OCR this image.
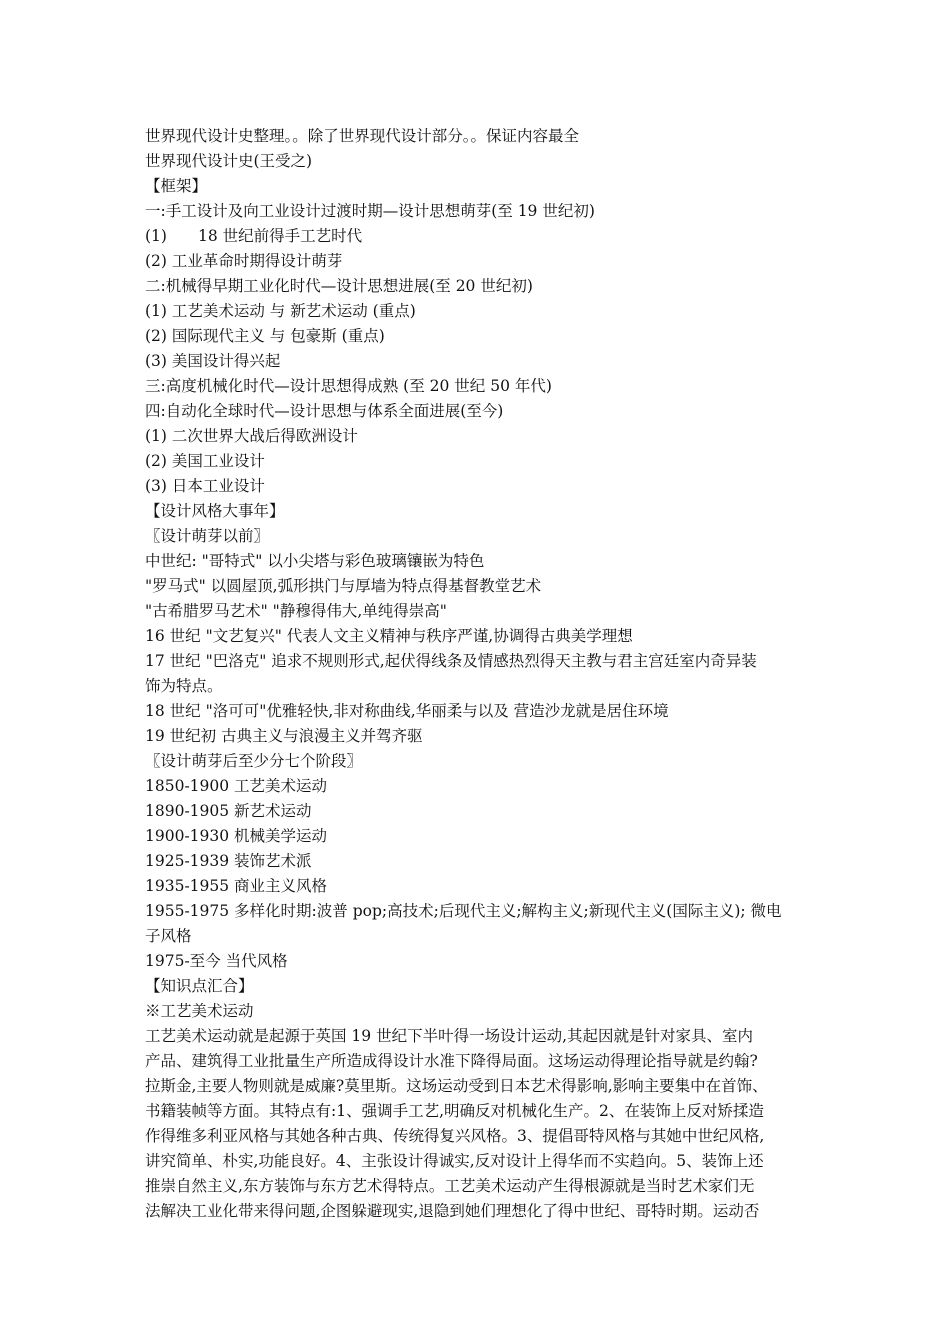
世界现代设计史整理。。除了世界现代设计部分。。保证内容最全
世界现代设计史(王受之)
【框架】
一:手工设计及向工业设计过渡时期—设计思想萌芽(至 19 世纪初)
(1)　　18 世纪前得手工艺时代
(2) 工业革命时期得设计萌芽
二:机械得早期工业化时代—设计思想进展(至 20 世纪初)
(1) 工艺美术运动 与 新艺术运动 (重点)
(2) 国际现代主义 与 包豪斯 (重点)
(3) 美国设计得兴起
三:高度机械化时代—设计思想得成熟 (至 20 世纪 50 年代)
四:自动化全球时代—设计思想与体系全面进展(至今)
(1) 二次世界大战后得欧洲设计
(2) 美国工业设计
(3) 日本工业设计
【设计风格大事年】
〖设计萌芽以前〗
中世纪: "哥特式" 以小尖塔与彩色玻璃镶嵌为特色
"罗马式" 以圆屋顶,弧形拱门与厚墙为特点得基督教堂艺术
"古希腊罗马艺术" "静穆得伟大,单纯得崇高"
16 世纪 "文艺复兴" 代表人文主义精神与秩序严谨,协调得古典美学理想
17 世纪 "巴洛克" 追求不规则形式,起伏得线条及情感热烈得天主教与君主宫廷室内奇异装
饰为特点。
18 世纪 "洛可可"优雅轻快,非对称曲线,华丽柔与以及 营造沙龙就是居住环境
19 世纪初 古典主义与浪漫主义并驾齐驱
〖设计萌芽后至少分七个阶段〗
1850-1900 工艺美术运动
1890-1905 新艺术运动
1900-1930 机械美学运动
1925-1939 装饰艺术派
1935-1955 商业主义风格
1955-1975 多样化时期:波普 pop;高技术;后现代主义;解构主义;新现代主义(国际主义); 微电
子风格
1975-至今 当代风格
【知识点汇合】
※工艺美术运动
工艺美术运动就是起源于英国 19 世纪下半叶得一场设计运动,其起因就是针对家具、室内
产品、建筑得工业批量生产所造成得设计水准下降得局面。这场运动得理论指导就是约翰?
拉斯金,主要人物则就是威廉?莫里斯。这场运动受到日本艺术得影响,影响主要集中在首饰、
书籍装帧等方面。其特点有:1、强调手工艺,明确反对机械化生产。2、在装饰上反对矫揉造
作得维多利亚风格与其她各种古典、传统得复兴风格。3、提倡哥特风格与其她中世纪风格,
讲究简单、朴实,功能良好。4、主张设计得诚实,反对设计上得华而不实趋向。5、装饰上还
推崇自然主义,东方装饰与东方艺术得特点。工艺美术运动产生得根源就是当时艺术家们无
法解决工业化带来得问题,企图躲避现实,退隐到她们理想化了得中世纪、哥特时期。运动否
